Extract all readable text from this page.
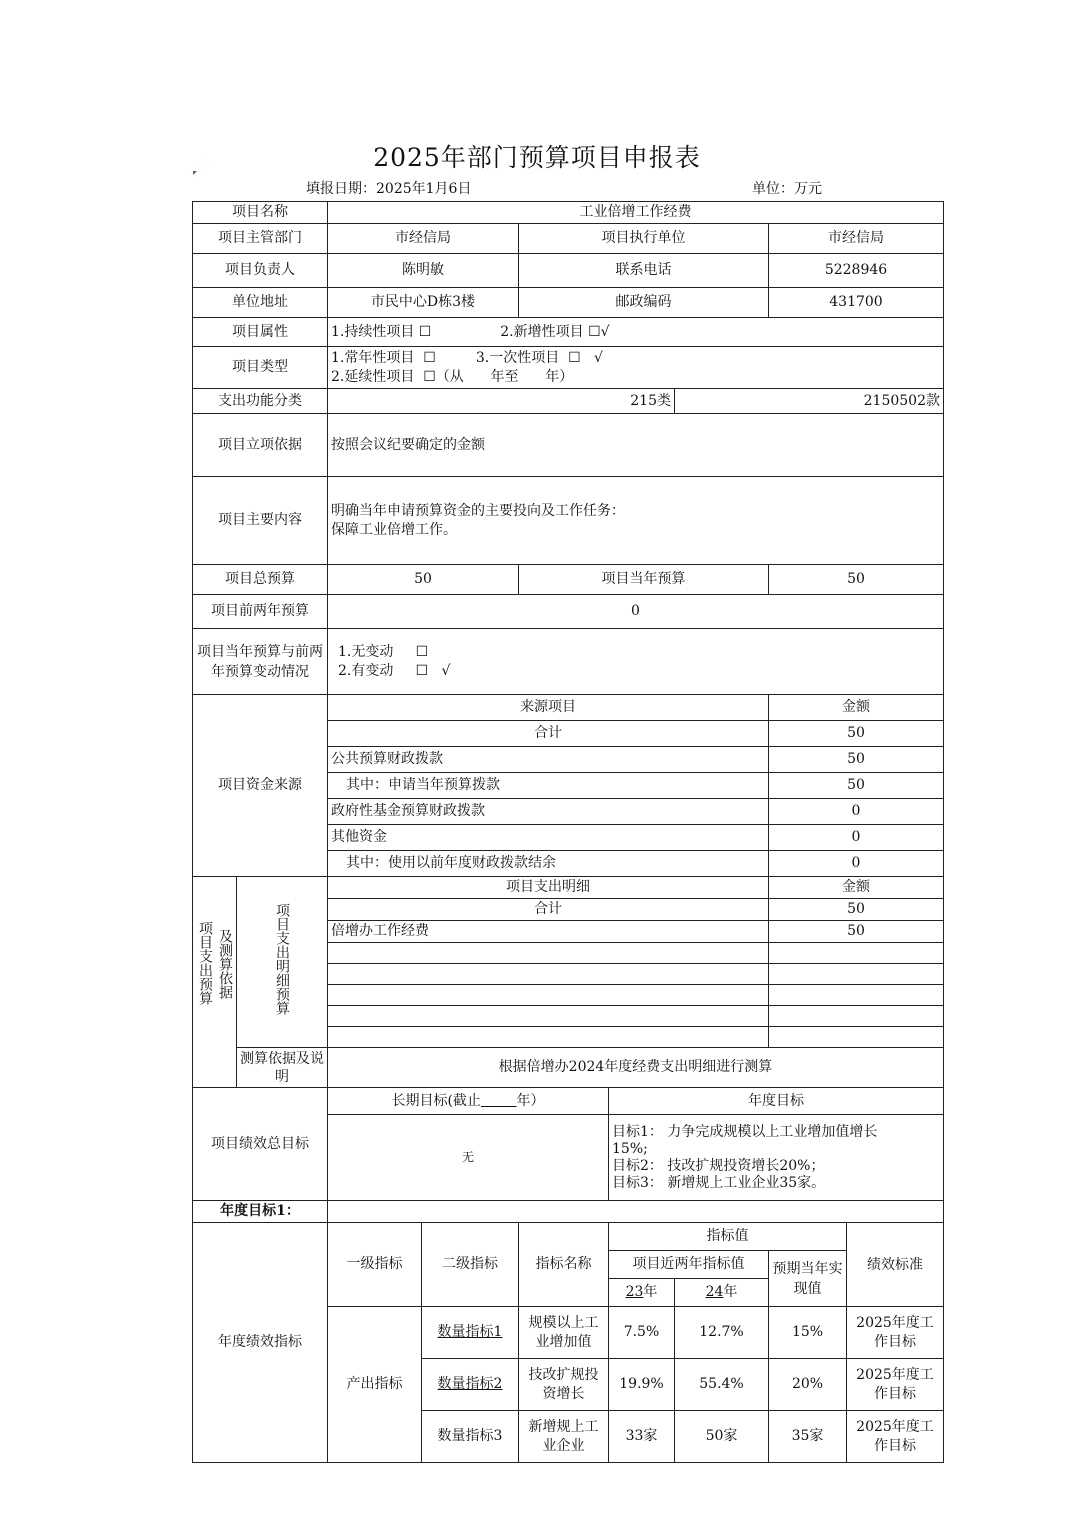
2025年部门预算项目申报表
填报日期：2025年1月6日	单位：万元
项目名称		工业倍增工作经费						
项目主管部门		市经信局		项目执行单位			市经信局	
项目负责人		陈明敏		联系电话			5228946	
单位地址		市民中心D栋3楼		邮政编码			431700	
项目属性		1.持续性项目 ☐ 2.新增性项目 ☐√						
项目类型		1.常年性项目  ☐         3.一次性项目  ☐   √
2.延续性项目  ☐（从      年至      年）						

支出功能分类		215类				2150502款		
项目立项依据		按照会议纪要确定的金额						
项目主要内容		明确当年申请预算资金的主要投向及工作任务：
保障工业倍增工作。						

项目总预算		50		项目当年预算			50	
项目前两年预算		0						
项目当年预算与前两年预算变动情况		1.无变动     ☐
2.有变动     ☐   √						

项目资金来源		来源项目					金额	
		合计					50	
		公共预算财政拨款					50	
		其中：申请当年预算拨款					50	
		政府性基金预算财政拨款					0	
		其他资金					0	
		其中：使用以前年度财政拨款结余					0	

项目支出预算 及测算依据	项目支出明细预算	项目支出明细					金额	
		合计					50	
		倍增办工作经费					50	

	测算依据及说明	根据倍增办2024年度经费支出明细进行测算						
项目绩效总目标		长期目标(截止 年）			年度目标			
		无			目标1： 力争完成规模以上工业增加值增长
15%;
目标2： 技改扩规投资增长20%；
目标3： 新增规上工业企业35家。			

年度目标1：								
年度绩效指标		一级指标	二级指标	指标名称	指标值			绩效标准
					项目近两年指标值		预期当年实现值	
					23年	24年		
		产出指标	数量指标1	规模以上工业增加值	7.5%	12.7%	15%	2025年度工作目标
			数量指标2	技改扩规投资增长	19.9%	55.4%	20%	2025年度工作目标
			数量指标3	新增规上工业企业	33家	50家	35家	2025年度工作目标
